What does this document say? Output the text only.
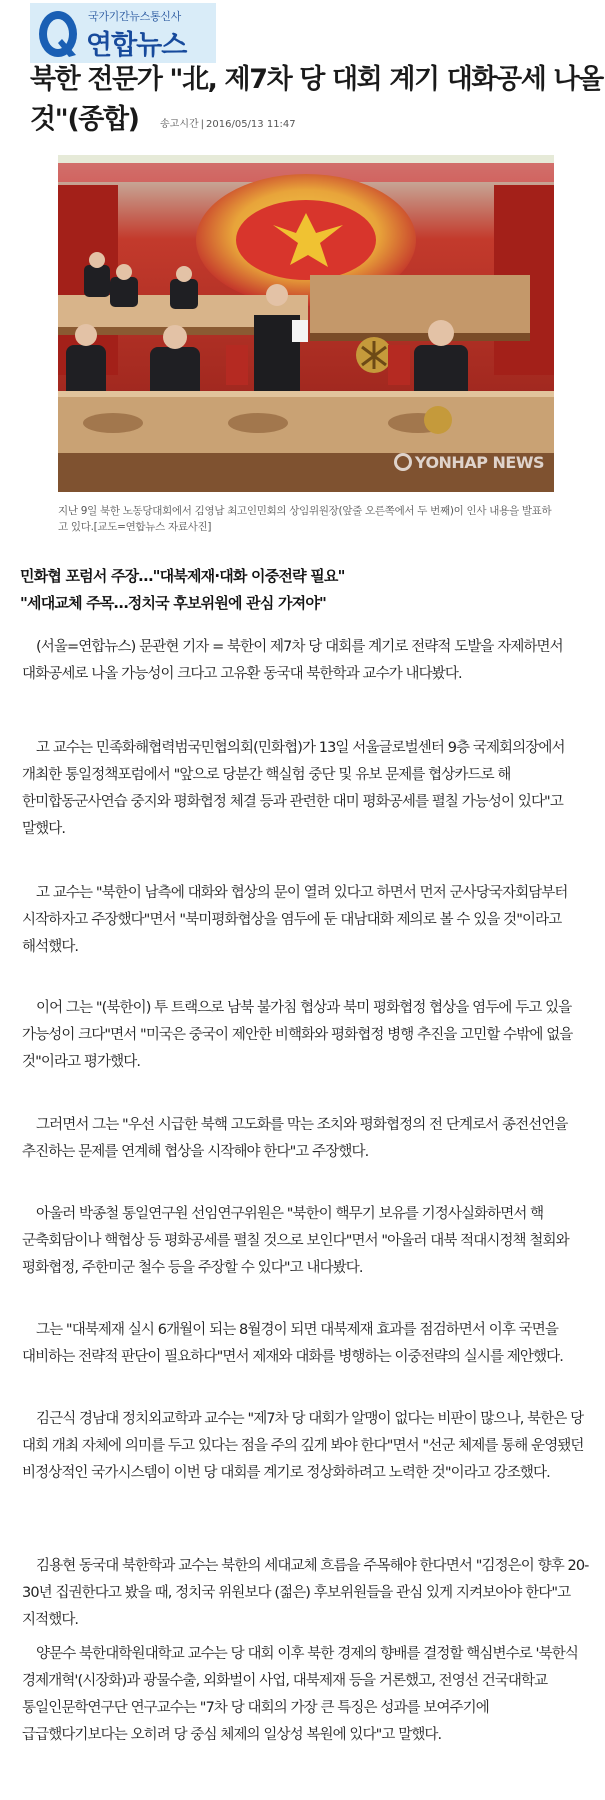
국가기간뉴스통신사
연합뉴스
북한 전문가 "北, 제7차 당 대회 계기 대화공세 나올
것"(종합)	송고시간 | 2016/05/13 11:47
YONHAP NEWS

지난 9일 북한 노동당대회에서 김영남 최고인민회의 상임위원장(앞줄 오른쪽에서 두 번째)이 인사 내용을 발표하고 있다.[교도=연합뉴스 자료사진]

민화협 포럼서 주장…"대북제재·대화 이중전략 필요"

"세대교체 주목…정치국 후보위원에 관심 가져야"

(서울=연합뉴스) 문관현 기자 = 북한이 제7차 당 대회를 계기로 전략적 도발을 자제하면서 대화공세로 나올 가능성이 크다고 고유환 동국대 북한학과 교수가 내다봤다.

고 교수는 민족화해협력범국민협의회(민화협)가 13일 서울글로벌센터 9층 국제회의장에서 개최한 통일정책포럼에서 "앞으로 당분간 핵실험 중단 및 유보 문제를 협상카드로 해 한미합동군사연습 중지와 평화협정 체결 등과 관련한 대미 평화공세를 펼칠 가능성이 있다"고 말했다.

고 교수는 "북한이 남측에 대화와 협상의 문이 열려 있다고 하면서 먼저 군사당국자회담부터 시작하자고 주장했다"면서 "북미평화협상을 염두에 둔 대남대화 제의로 볼 수 있을 것"이라고 해석했다.

이어 그는 "(북한이) 투 트랙으로 남북 불가침 협상과 북미 평화협정 협상을 염두에 두고 있을 가능성이 크다"면서 "미국은 중국이 제안한 비핵화와 평화협정 병행 추진을 고민할 수밖에 없을 것"이라고 평가했다.

그러면서 그는 "우선 시급한 북핵 고도화를 막는 조치와 평화협정의 전 단계로서 종전선언을 추진하는 문제를 연계해 협상을 시작해야 한다"고 주장했다.

아울러 박종철 통일연구원 선임연구위원은 "북한이 핵무기 보유를 기정사실화하면서 핵 군축회담이나 핵협상 등 평화공세를 펼칠 것으로 보인다"면서 "아울러 대북 적대시정책 철회와 평화협정, 주한미군 철수 등을 주장할 수 있다"고 내다봤다.

그는 "대북제재 실시 6개월이 되는 8월경이 되면 대북제재 효과를 점검하면서 이후 국면을 대비하는 전략적 판단이 필요하다"면서 제재와 대화를 병행하는 이중전략의 실시를 제안했다.

김근식 경남대 정치외교학과 교수는 "제7차 당 대회가 알맹이 없다는 비판이 많으나, 북한은 당 대회 개최 자체에 의미를 두고 있다는 점을 주의 깊게 봐야 한다"면서 "선군 체제를 통해 운영됐던 비정상적인 국가시스템이 이번 당 대회를 계기로 정상화하려고 노력한 것"이라고 강조했다.

김용현 동국대 북한학과 교수는 북한의 세대교체 흐름을 주목해야 한다면서 "김정은이 향후 20-30년 집권한다고 봤을 때, 정치국 위원보다 (젊은) 후보위원들을 관심 있게 지켜보아야 한다"고 지적했다.

양문수 북한대학원대학교 교수는 당 대회 이후 북한 경제의 향배를 결정할 핵심변수로 '북한식 경제개혁'(시장화)과 광물수출, 외화벌이 사업, 대북제재 등을 거론했고, 전영선 건국대학교 통일인문학연구단 연구교수는 "7차 당 대회의 가장 큰 특징은 성과를 보여주기에 급급했다기보다는 오히려 당 중심 체제의 일상성 복원에 있다"고 말했다.
